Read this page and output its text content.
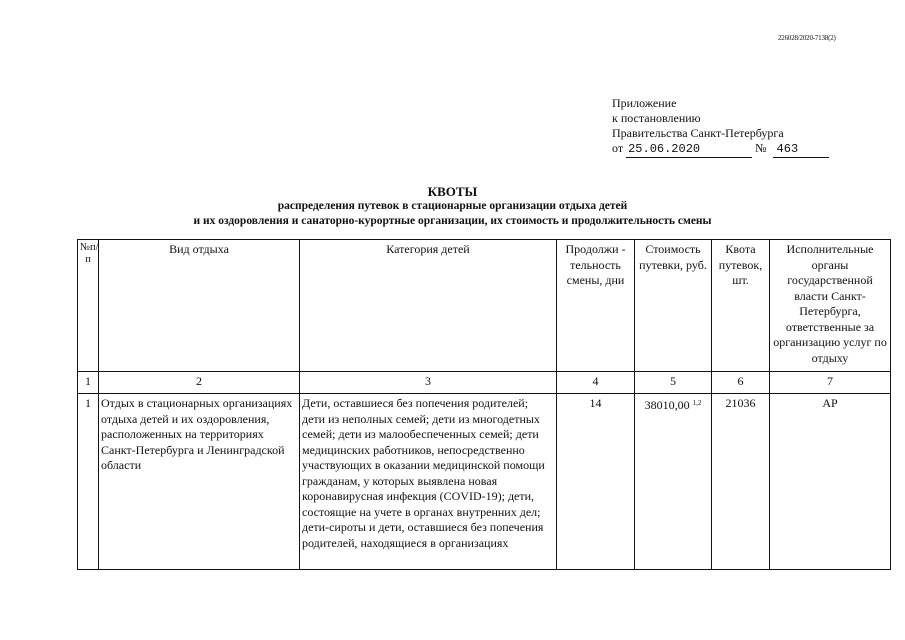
226028/2020-7138(2)
Приложение
к постановлению
Правительства Санкт-Петербурга
от 25.06.2020	№ 463
КВОТЫ
распределения путевок в стационарные организации отдыха детей
и их оздоровления и санаторно-курортные организации, их стоимость и продолжительность смены
№п/п	Вид отдыха	Категория детей	Продолжи - тельность смены, дни	Стоимость путевки, руб.	Квота путевок, шт.	Исполнительные органы государственной власти Санкт-Петербурга, ответственные за организацию услуг по отдыху
1	2	3	4	5	6	7
1	Отдых в стационарных организациях отдыха детей и их оздоровления, расположенных на территориях Санкт-Петербурга и Ленинградской области	Дети, оставшиеся без попечения родителей; дети из неполных семей; дети из многодетных семей; дети из малообеспеченных семей; дети медицинских работников, непосредственно участвующих в оказании медицинской помощи гражданам, у которых выявлена новая коронавирусная инфекция (COVID-19); дети, состоящие на учете в органах внутренних дел; дети-сироты и дети, оставшиеся без попечения родителей, находящиеся в организациях	14	38010,00 $^{1,2}$	21036	АР
